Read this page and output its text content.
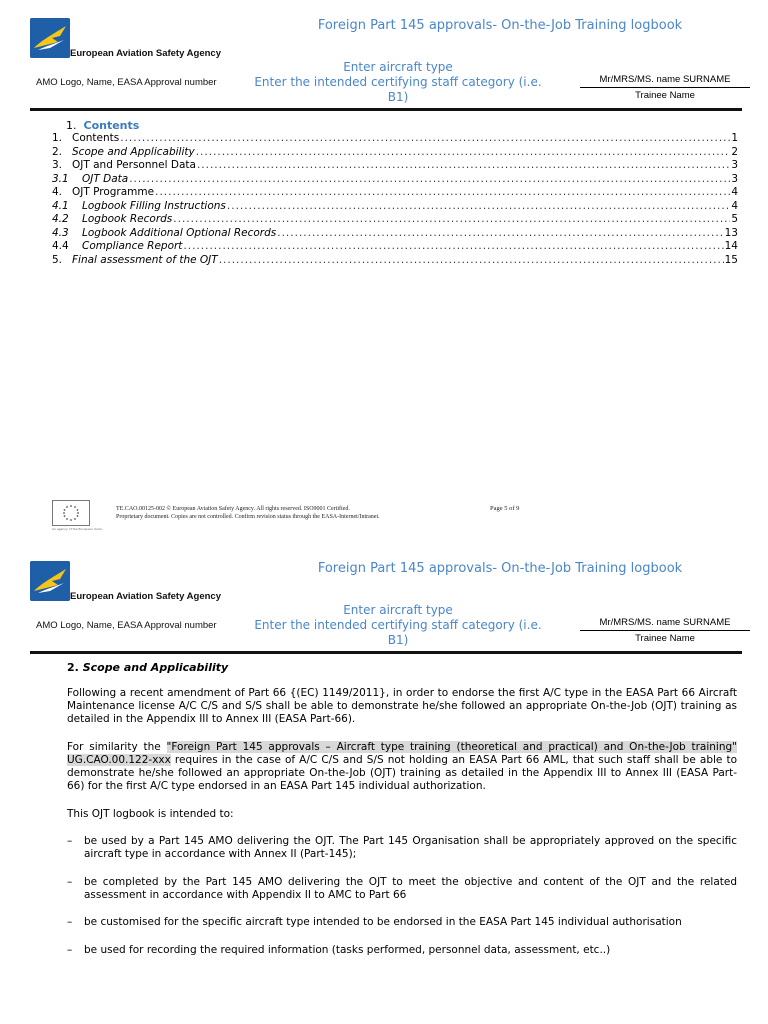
European Aviation Safety Agency
Foreign Part 145 approvals- On-the-Job Training logbook
AMO Logo, Name, EASA Approval number
Enter aircraft type
Enter the intended certifying staff category (i.e. B1)
Mr/MRS/MS. name SURNAME
Trainee Name
1. Contents
1. Contents .....	1
2. Scope and Applicability .....	2
3. OJT and Personnel Data .....	3
3.1	OJT Data .....	3
4. OJT Programme .....	4
4.1	Logbook Filling Instructions .....	4
4.2	Logbook Records .....	5
4.3	Logbook Additional Optional Records .....	13
4.4	Compliance Report .....	14
5. Final assessment of the OJT .....	15
An agency of the European Union
TE.CAO.00125-002 © European Aviation Safety Agency. All rights reserved. ISO9001 Certified.
Proprietary document. Copies are not controlled. Confirm revision status through the EASA-Internet/Intranet.
Page 5 of 9
European Aviation Safety Agency
Foreign Part 145 approvals- On-the-Job Training logbook
AMO Logo, Name, EASA Approval number
Enter aircraft type
Enter the intended certifying staff category (i.e. B1)
Mr/MRS/MS. name SURNAME
Trainee Name
2. Scope and Applicability
Following a recent amendment of Part 66 {(EC) 1149/2011}, in order to endorse the first A/C type in the EASA Part 66 Aircraft Maintenance license A/C C/S and S/S shall be able to demonstrate he/she followed an appropriate On-the-Job (OJT) training as detailed in the Appendix III to Annex III (EASA Part-66).
For similarity the "Foreign Part 145 approvals – Aircraft type training (theoretical and practical) and On-the-Job training" UG.CAO.00.122-xxx requires in the case of A/C C/S and S/S not holding an EASA Part 66 AML, that such staff shall be able to demonstrate he/she followed an appropriate On-the-Job (OJT) training as detailed in the Appendix III to Annex III (EASA Part-66) for the first A/C type endorsed in an EASA Part 145 individual authorization.
This OJT logbook is intended to:
– be used by a Part 145 AMO delivering the OJT. The Part 145 Organisation shall be appropriately approved on the specific aircraft type in accordance with Annex II (Part-145);
– be completed by the Part 145 AMO delivering the OJT to meet the objective and content of the OJT and the related assessment in accordance with Appendix II to AMC to Part 66
– be customised for the specific aircraft type intended to be endorsed in the EASA Part 145 individual authorisation
– be used for recording the required information (tasks performed, personnel data, assessment, etc..)
